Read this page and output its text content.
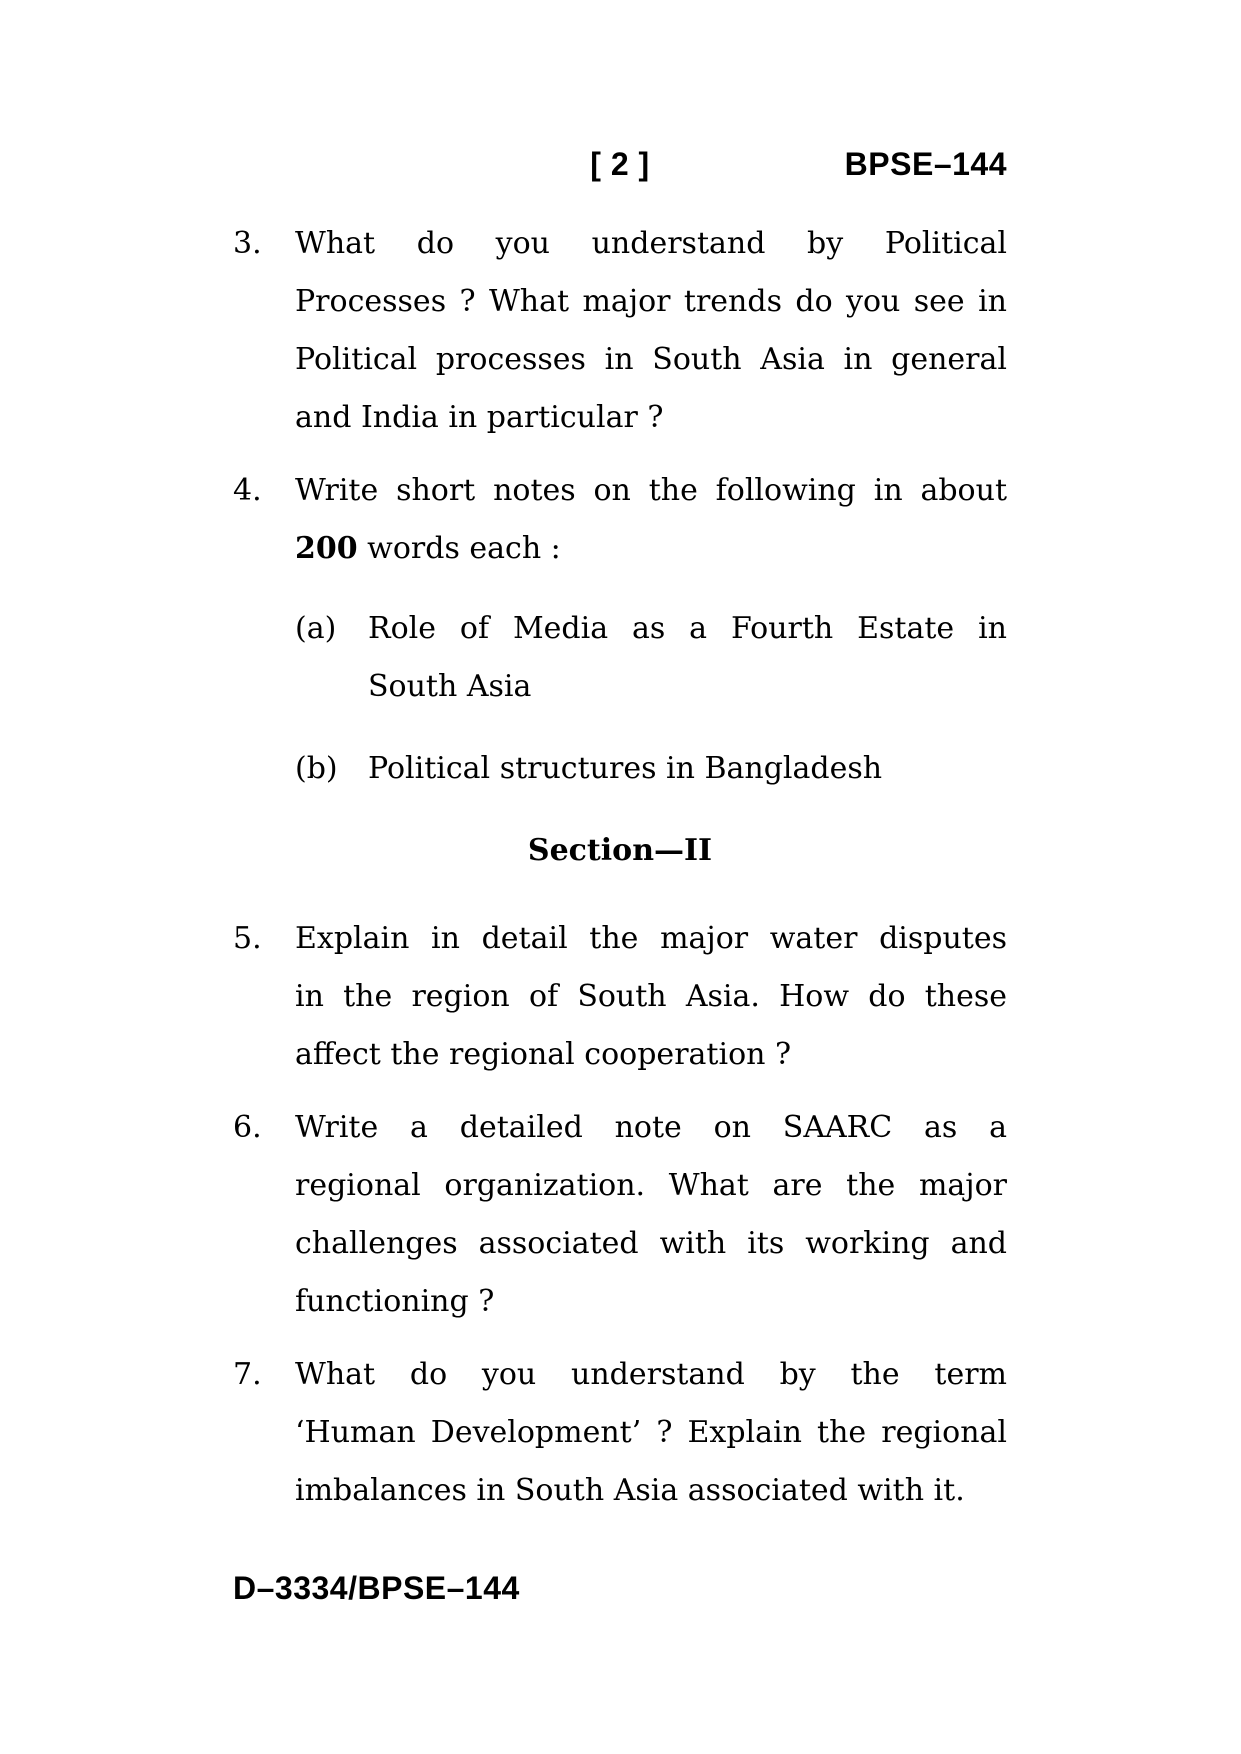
[ 2 ]	BPSE–144
3.	What do you understand by Political
Processes ? What major trends do you see in
Political processes in South Asia in general
and India in particular ?
4.	Write short notes on the following in about
200 words each :
(a)	Role of Media as a Fourth Estate in
South Asia
(b)	Political structures in Bangladesh
Section—II
5.	Explain in detail the major water disputes
in the region of South Asia. How do these
affect the regional cooperation ?
6.	Write a detailed note on SAARC as a
regional organization. What are the major
challenges associated with its working and
functioning ?
7.	What do you understand by the term
‘Human Development’ ? Explain the regional
imbalances in South Asia associated with it.
D–3334/BPSE–144
